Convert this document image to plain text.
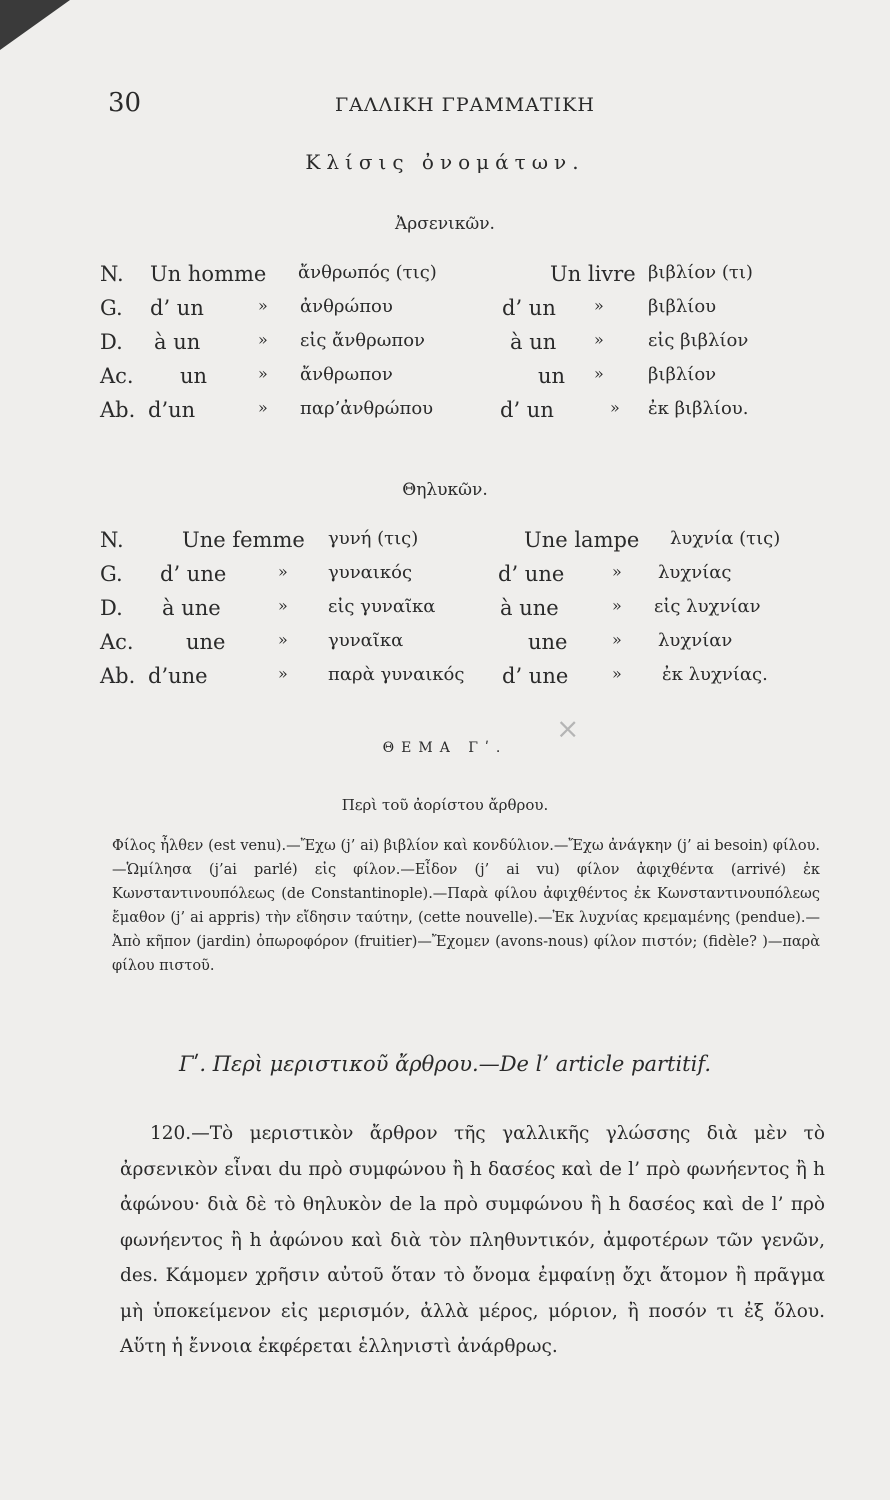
30	ΓΑΛΛΙΚΗ ΓΡΑΜΜΑΤΙΚΗ
Κλίσις ὀνομάτων.
Ἀρσενικῶν.
N. Un homme ἄνθρωπός (τις)	Un livre βιβλίον (τι)
G. d’ un	» ἀνθρώπου	d’ un » βιβλίου
D. à un	» εἰς ἄνθρωπον	à un » εἰς βιβλίον
Ac. un	» ἄνθρωπον	un » βιβλίον
Ab. d’un	» παρ’ἀνθρώπου	d’ un	» ἐκ βιβλίου.
Θηλυκῶν.
N.	Une femme γυνή (τις)	Une lampe λυχνία (τις)
G. d’ une	» γυναικός	d’ une	» λυχνίας
D. à une	» εἰς γυναῖκα	à une	» εἰς λυχνίαν
Ac. une	» γυναῖκα	une	» λυχνίαν
Ab. d’une	» παρὰ γυναικός d’ une	» ἐκ λυχνίας.
×
ΘΕΜΑ Γʹ.
Περὶ τοῦ ἀορίστου ἄρθρου.

Φίλος ἦλθεν (est venu).—Ἔχω (j’ ai) βιβλίον καὶ κονδύλιον.—Ἔχω ἀνάγκην (j’ ai besoin) φίλου.—Ὡμίλησα (j’ai parlé) εἰς φίλον.—Εἶδον (j’ ai vu) φίλον ἀφιχθέντα (arrivé) ἐκ Κωνσταντινουπόλεως (de Constantinople).—Παρὰ φίλου ἀφιχθέντος ἐκ Κωνσταντινουπόλεως ἔμαθον (j’ ai appris) τὴν εἴδησιν ταύτην, (cette nouvelle).—Ἐκ λυχνίας κρεμαμένης (pendue).—Ἀπὸ κῆπον (jardin) ὀπωροφόρον (fruitier)—Ἔχομεν (avons-nous) φίλον πιστόν; (fidèle? )—παρὰ φίλου πιστοῦ.

Γʹ. Περὶ μεριστικοῦ ἄρθρου.—De l’ article partitif.

120.—Τὸ μεριστικὸν ἄρθρον τῆς γαλλικῆς γλώσσης διὰ μὲν τὸ ἀρσενικὸν εἶναι du πρὸ συμφώνου ἢ h δασέος καὶ de l’ πρὸ φωνήεντος ἢ h ἀφώνου· διὰ δὲ τὸ θηλυκὸν de la πρὸ συμφώνου ἢ h δασέος καὶ de l’ πρὸ φωνήεντος ἢ h ἀφώνου καὶ διὰ τὸν πληθυντικόν, ἀμφοτέρων τῶν γενῶν, des. Κάμομεν χρῆσιν αὐτοῦ ὅταν τὸ ὄνομα ἐμφαίνῃ ὄχι ἄτομον ἢ πρᾶγμα μὴ ὑποκείμενον εἰς μερισμόν, ἀλλὰ μέρος, μόριον, ἢ ποσόν τι ἐξ ὅλου. Αὕτη ἡ ἔννοια ἐκφέρεται ἑλληνιστὶ ἀνάρθρως.
